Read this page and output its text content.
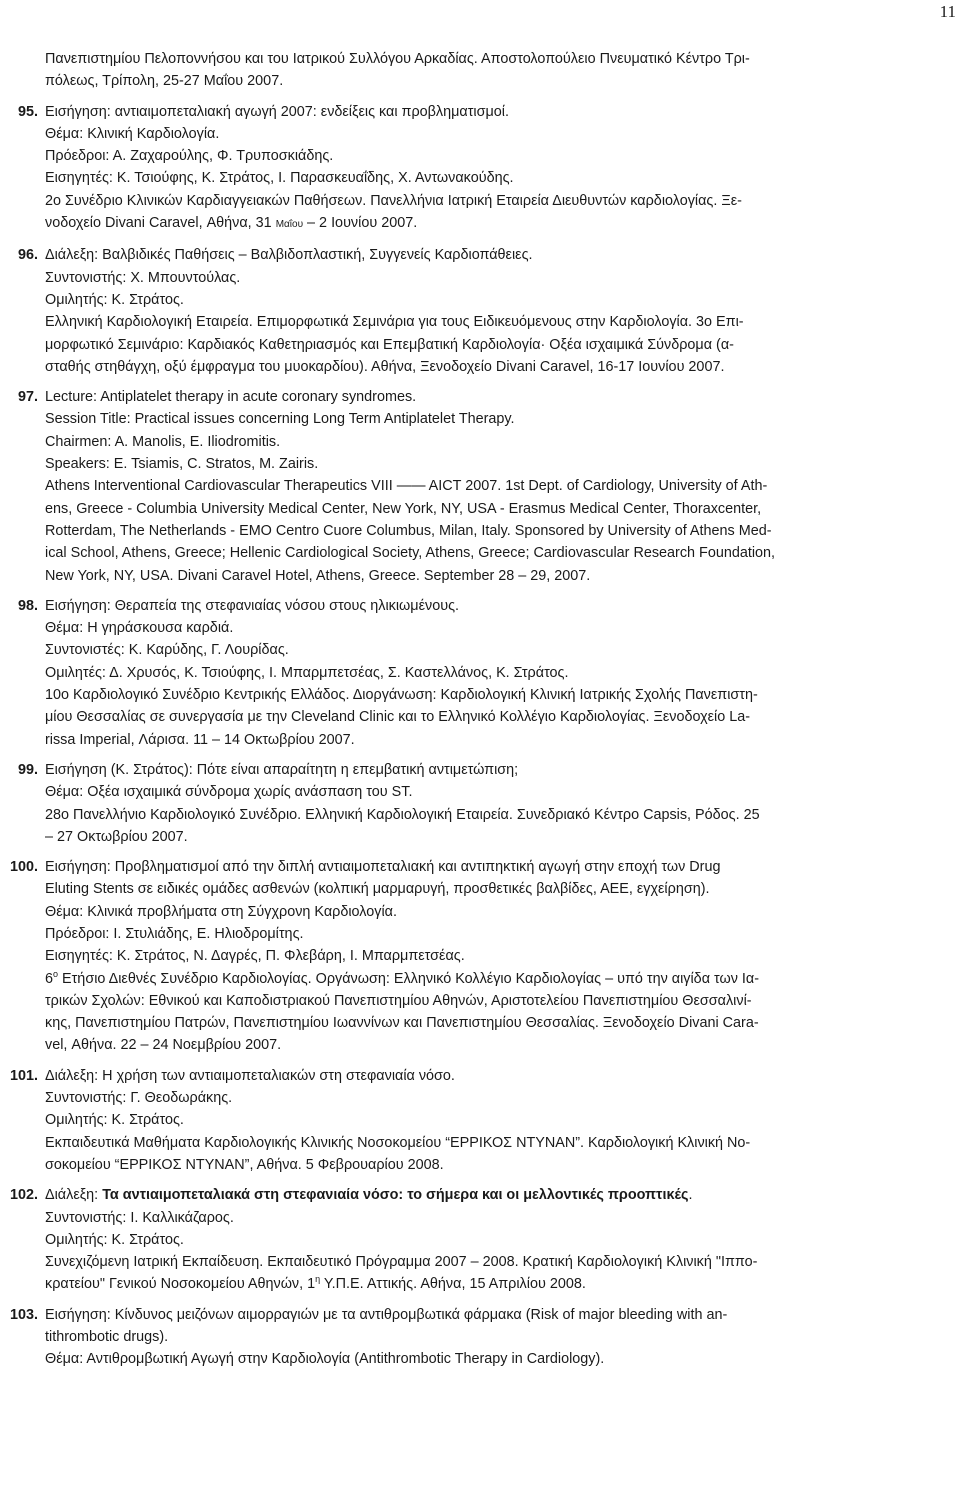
11
Πανεπιστημίου Πελοποννήσου και του Ιατρικού Συλλόγου Αρκαδίας. Αποστολοπούλειο Πνευματικό Κέντρο Τρι-
πόλεως, Τρίπολη, 25-27 Μαΐου 2007.
95. Εισήγηση: αντιαιμοπεταλιακή αγωγή 2007: ενδείξεις και προβληματισμοί.
Θέμα: Κλινική Καρδιολογία.
Πρόεδροι: Α. Ζαχαρούλης, Φ. Τρυποσκιάδης.
Εισηγητές: Κ. Τσιούφης, Κ. Στράτος, Ι. Παρασκευαΐδης, Χ. Αντωνακούδης.
2ο Συνέδριο Κλινικών Καρδιαγγειακών Παθήσεων. Πανελλήνια Ιατρική Εταιρεία Διευθυντών καρδιολογίας. Ξε-
νοδοχείο Divani Caravel, Αθήνα, 31 Μαΐου – 2 Ιουνίου 2007.
96. Διάλεξη: Βαλβιδικές Παθήσεις – Βαλβιδοπλαστική, Συγγενείς Καρδιοπάθειες.
Συντονιστής: Χ. Μπουντούλας.
Ομιλητής: Κ. Στράτος.
Ελληνική Καρδιολογική Εταιρεία. Επιμορφωτικά Σεμινάρια για τους Ειδικευόμενους στην Καρδιολογία. 3ο Επι-
μορφωτικό Σεμινάριο: Καρδιακός Καθετηριασμός και Επεμβατική Καρδιολογία· Οξέα ισχαιμικά Σύνδρομα (α-
σταθής στηθάγχη, οξύ έμφραγμα του μυοκαρδίου). Αθήνα, Ξενοδοχείο Divani Caravel, 16-17 Ιουνίου 2007.
97. Lecture: Antiplatelet therapy in acute coronary syndromes.
Session Title: Practical issues concerning Long Term Antiplatelet Therapy.
Chairmen: A. Manolis, E. Iliodromitis.
Speakers: E. Tsiamis, C. Stratos, M. Zairis.
Athens Interventional Cardiovascular Therapeutics VIII —— AICT 2007. 1st Dept. of Cardiology, University of Ath-
ens, Greece - Columbia University Medical Center, New York, NY, USA - Erasmus Medical Center, Thoraxcenter,
Rotterdam, The Netherlands - EMO Centro Cuore Columbus, Milan, Italy. Sponsored by University of Athens Med-
ical School, Athens, Greece; Hellenic Cardiological Society, Athens, Greece; Cardiovascular Research Foundation,
New York, NY, USA. Divani Caravel Hotel, Athens, Greece. September 28 – 29, 2007.
98. Εισήγηση: Θεραπεία της στεφανιαίας νόσου στους ηλικιωμένους.
Θέμα: Η γηράσκουσα καρδιά.
Συντονιστές: Κ. Καρύδης, Γ. Λουρίδας.
Ομιλητές: Δ. Χρυσός, Κ. Τσιούφης, Ι. Μπαρμπετσέας, Σ. Καστελλάνος, Κ. Στράτος.
10ο Καρδιολογικό Συνέδριο Κεντρικής Ελλάδος. Διοργάνωση: Καρδιολογική Κλινική Ιατρικής Σχολής Πανεπιστη-
μίου Θεσσαλίας σε συνεργασία με την Cleveland Clinic και το Ελληνικό Κολλέγιο Καρδιολογίας. Ξενοδοχείο La-
rissa Imperial, Λάρισα. 11 – 14 Οκτωβρίου 2007.
99. Εισήγηση (Κ. Στράτος): Πότε είναι απαραίτητη η επεμβατική αντιμετώπιση;
Θέμα: Οξέα ισχαιμικά σύνδρομα χωρίς ανάσπαση του ST.
28ο Πανελλήνιο Καρδιολογικό Συνέδριο. Ελληνική Καρδιολογική Εταιρεία. Συνεδριακό Κέντρο Capsis, Ρόδος. 25
– 27 Οκτωβρίου 2007.
100. Εισήγηση: Προβληματισμοί από την διπλή αντιαιμοπεταλιακή και αντιπηκτική αγωγή στην εποχή των Drug
Eluting Stents σε ειδικές ομάδες ασθενών (κολπική μαρμαρυγή, προσθετικές βαλβίδες, ΑΕΕ, εγχείρηση).
Θέμα: Κλινικά προβλήματα στη Σύγχρονη Καρδιολογία.
Πρόεδροι: Ι. Στυλιάδης, Ε. Ηλιοδρομίτης.
Εισηγητές: Κ. Στράτος, Ν. Δαγρές, Π. Φλεβάρη, Ι. Μπαρμπετσέας.
$6^o$ Ετήσιο Διεθνές Συνέδριο Καρδιολογίας. Οργάνωση: Ελληνικό Κολλέγιο Καρδιολογίας – υπό την αιγίδα των Ια-
τρικών Σχολών: Εθνικού και Καποδιστριακού Πανεπιστημίου Αθηνών, Αριστοτελείου Πανεπιστημίου Θεσσαλινί-
κης, Πανεπιστημίου Πατρών, Πανεπιστημίου Ιωαννίνων και Πανεπιστημίου Θεσσαλίας. Ξενοδοχείο Divani Cara-
vel, Αθήνα. 22 – 24 Νοεμβρίου 2007.
101. Διάλεξη: Η χρήση των αντιαιμοπεταλιακών στη στεφανιαία νόσο.
Συντονιστής: Γ. Θεοδωράκης.
Ομιλητής: Κ. Στράτος.
Εκπαιδευτικά Μαθήματα Καρδιολογικής Κλινικής Νοσοκομείου “ΕΡΡΙΚΟΣ ΝΤΥΝΑΝ”. Καρδιολογική Κλινική Νο-
σοκομείου “ΕΡΡΙΚΟΣ ΝΤΥΝΑΝ”, Αθήνα. 5 Φεβρουαρίου 2008.
102. Διάλεξη: Τα αντιαιμοπεταλιακά στη στεφανιαία νόσο: το σήμερα και οι μελλοντικές προοπτικές.
Συντονιστής: Ι. Καλλικάζαρος.
Ομιλητής: Κ. Στράτος.
Συνεχιζόμενη Ιατρική Εκπαίδευση. Εκπαιδευτικό Πρόγραμμα 2007 – 2008. Κρατική Καρδιολογική Κλινική "Ιππο-
κρατείου" Γενικού Νοσοκομείου Αθηνών, $1^\eta$ Υ.Π.Ε. Αττικής. Αθήνα, 15 Απριλίου 2008.
103. Εισήγηση: Κίνδυνος μειζόνων αιμορραγιών με τα αντιθρομβωτικά φάρμακα (Risk of major bleeding with an-
tithrombotic drugs).
Θέμα: Αντιθρομβωτική Αγωγή στην Καρδιολογία (Antithrombotic Therapy in Cardiology).
